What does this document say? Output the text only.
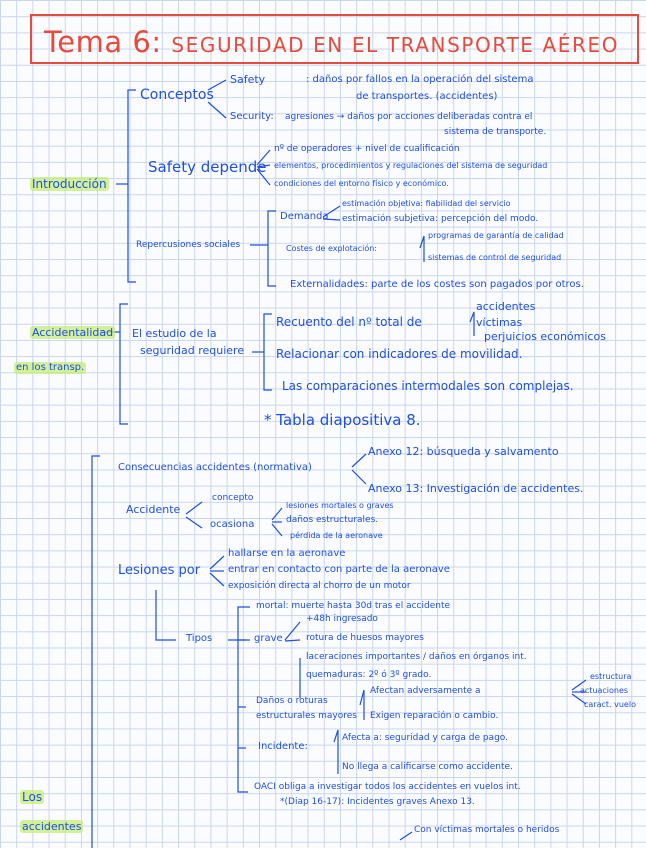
Tema 6: SEGURIDAD EN EL TRANSPORTE AÉREO
Introducción
Conceptos
Safety	: daños por fallos en la operación del sistema
de transportes. (accidentes)
Security: agresiones → daños por acciones deliberadas contra el
sistema de transporte.
Safety depende
nº de operadores + nivel de cualificación
elementos, procedimientos y regulaciones del sistema de seguridad
condiciones del entorno físico y económico.
Repercusiones sociales
Demanda
estimación objetiva: fiabilidad del servicio
estimación subjetiva: percepción del modo.
Costes de explotación:
programas de garantía de calidad
sistemas de control de seguridad
Externalidades: parte de los costes son pagados por otros.
Accidentalidad
en los transp.
El estudio de la
seguridad requiere
Recuento del nº total de
accidentes
víctimas
perjuicios económicos
Relacionar con indicadores de movilidad.
Las comparaciones intermodales son complejas.
* Tabla diapositiva 8.
Los
accidentes
Consecuencias accidentes (normativa)
Anexo 12: búsqueda y salvamento
Anexo 13: Investigación de accidentes.
Accidente
concepto
ocasiona
lesiones mortales o graves
daños estructurales.
pérdida de la aeronave
Lesiones por
hallarse en la aeronave
entrar en contacto con parte de la aeronave
exposición directa al chorro de un motor
Tipos
mortal: muerte hasta 30d tras el accidente
grave
+48h ingresado
rotura de huesos mayores
laceraciones importantes / daños en órganos int.
quemaduras: 2º ó 3º grado.
Daños o roturas
estructurales mayores
Afectan adversamente a
estructura
actuaciones
caract. vuelo
Exigen reparación o cambio.
Incidente:
Afecta a: seguridad y carga de pago.
No llega a calificarse como accidente.
OACI obliga a investigar todos los accidentes en vuelos int.
*(Diap 16-17): Incidentes graves Anexo 13.
Con víctimas mortales o heridos
